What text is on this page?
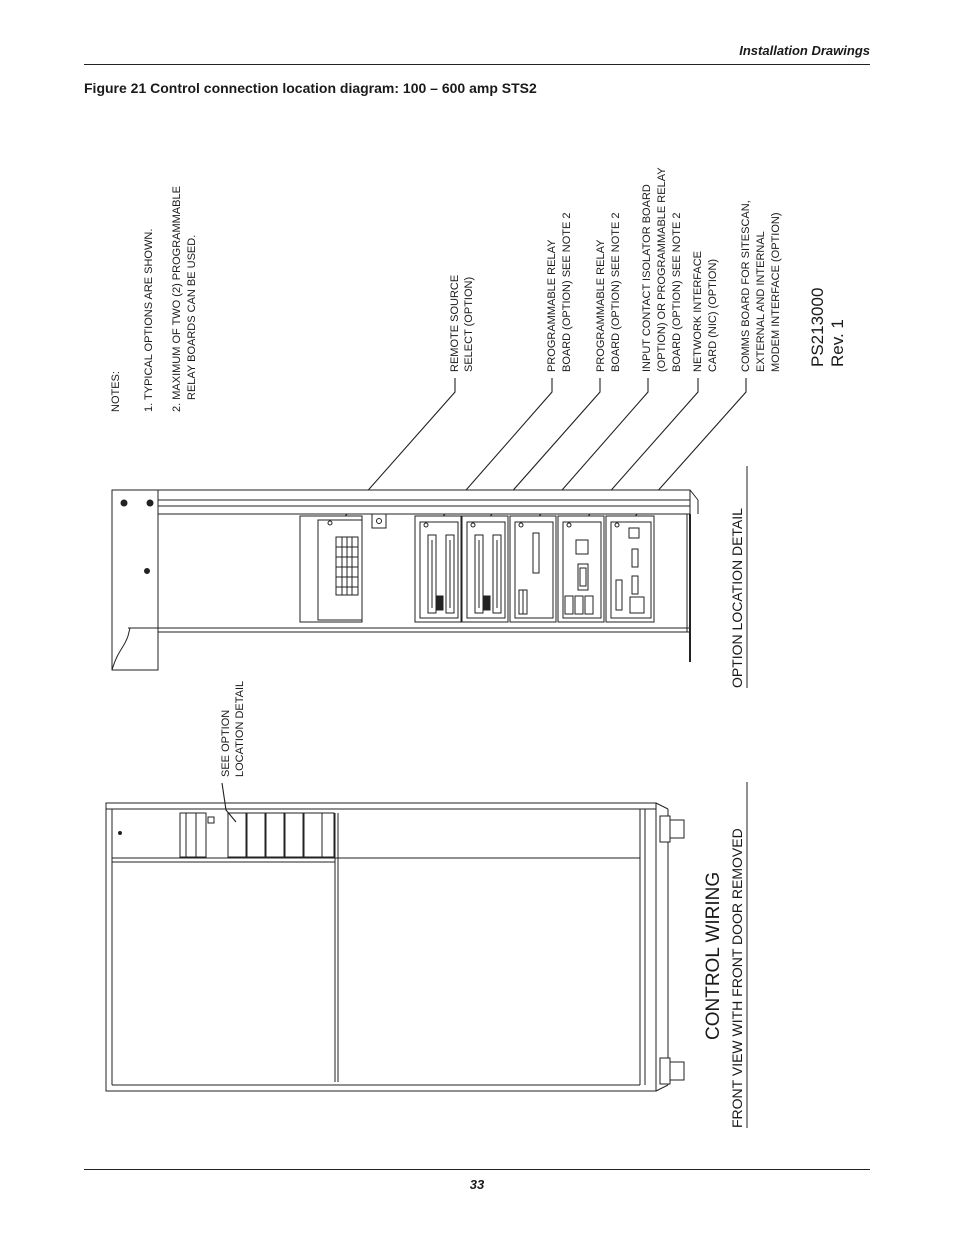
Installation Drawings
Figure 21 Control connection location diagram: 100 – 600 amp STS2
NOTES: 1. TYPICAL OPTIONS ARE SHOWN. 2. MAXIMUM OF TWO (2) PROGRAMMABLE RELAY BOARDS CAN BE USED.	REMOTE SOURCE SELECT (OPTION)	PROGRAMMABLE RELAY BOARD (OPTION) SEE NOTE 2 PROGRAMMABLE RELAY BOARD (OPTION) SEE NOTE 2 INPUT CONTACT ISOLATOR BOARD (OPTION) OR PROGRAMMABLE RELAY BOARD (OPTION) SEE NOTE 2 NETWORK INTERFACE CARD (NIC) (OPTION) COMMS BOARD FOR SITESCAN, EXTERNAL AND INTERNAL MODEM INTERFACE (OPTION) PS213000 Rev. 1
OPTION LOCATION DETAIL
SEE OPTION LOCATION DETAIL
CONTROL WIRING FRONT VIEW WITH FRONT DOOR REMOVED
33
